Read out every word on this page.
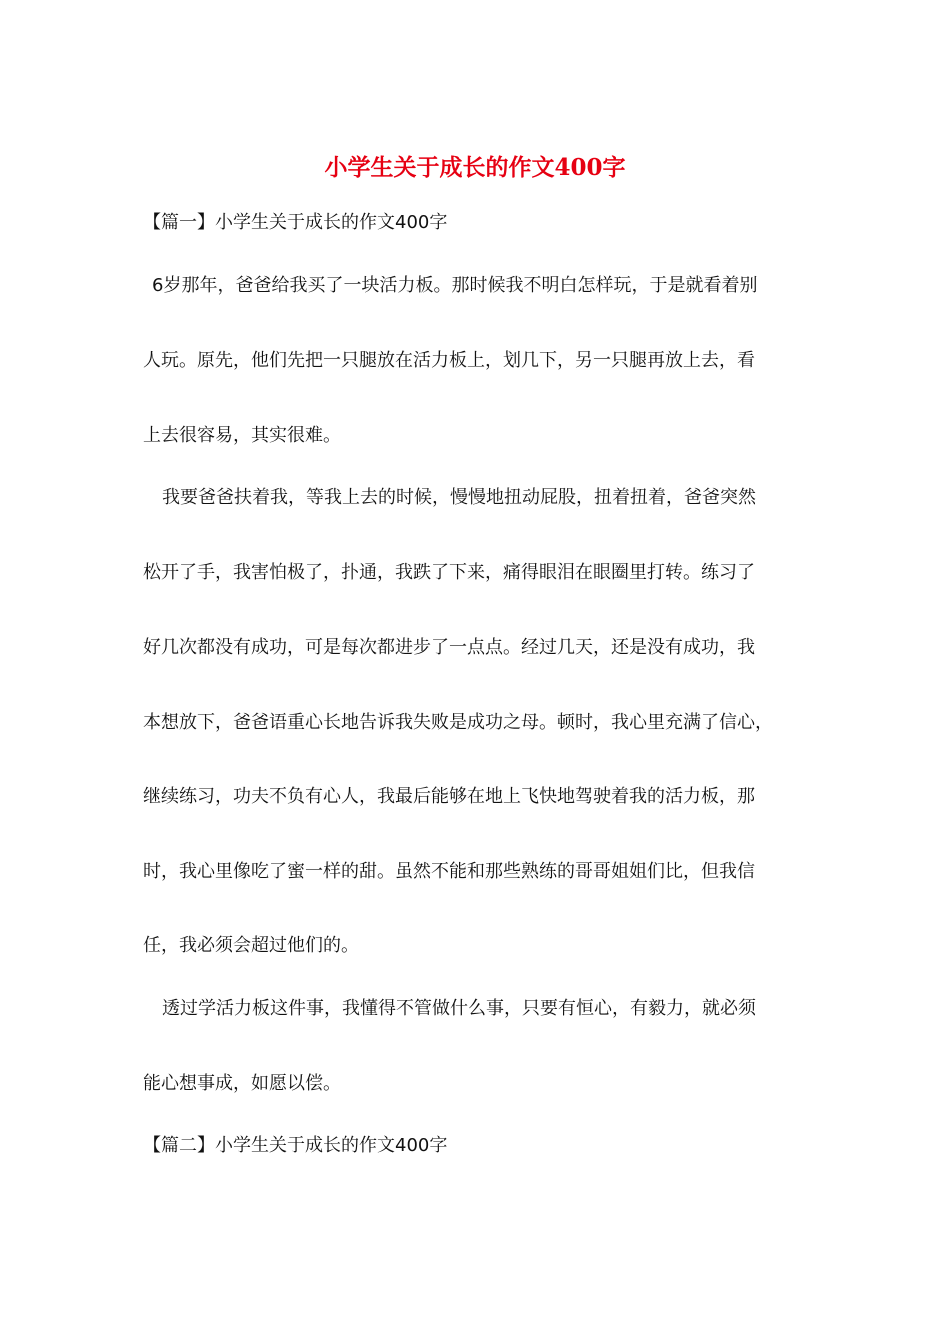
小学生关于成长的作文400字
【篇一】小学生关于成长的作文400字
6岁那年，爸爸给我买了一块活力板。那时候我不明白怎样玩，于是就看着别
人玩。原先，他们先把一只腿放在活力板上，划几下，另一只腿再放上去，看
上去很容易，其实很难。
我要爸爸扶着我，等我上去的时候，慢慢地扭动屁股，扭着扭着，爸爸突然
松开了手，我害怕极了，扑通，我跌了下来，痛得眼泪在眼圈里打转。练习了
好几次都没有成功，可是每次都进步了一点点。经过几天，还是没有成功，我
本想放下，爸爸语重心长地告诉我失败是成功之母。顿时，我心里充满了信心，
继续练习，功夫不负有心人，我最后能够在地上飞快地驾驶着我的活力板，那
时，我心里像吃了蜜一样的甜。虽然不能和那些熟练的哥哥姐姐们比，但我信
任，我必须会超过他们的。
透过学活力板这件事，我懂得不管做什么事，只要有恒心，有毅力，就必须
能心想事成，如愿以偿。
【篇二】小学生关于成长的作文400字
